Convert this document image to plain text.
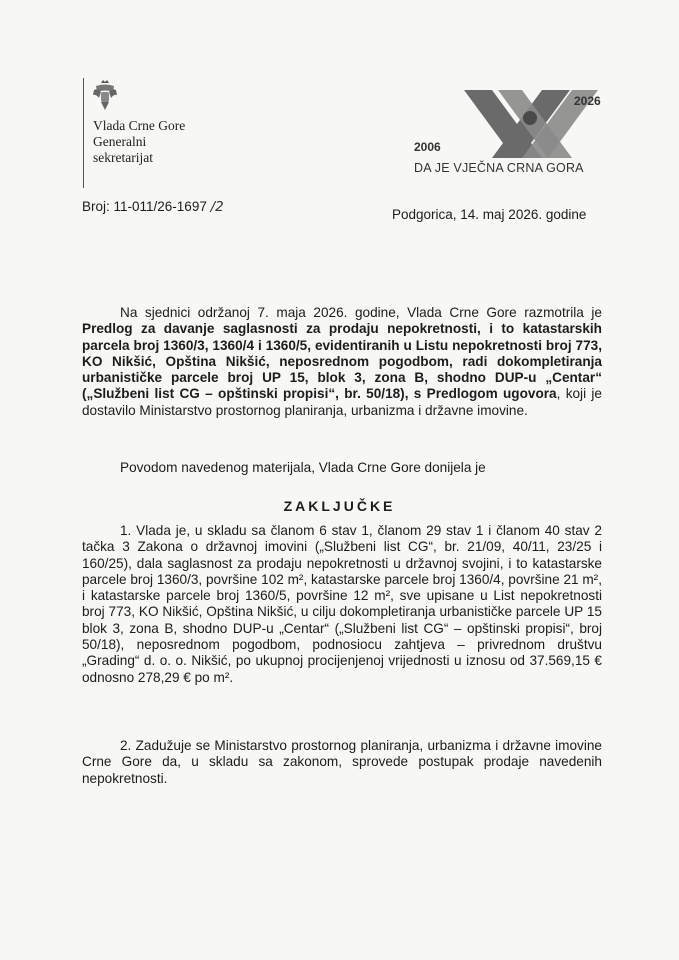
Vlada Crne Gore
Generalni
sekretarijat
2026
2006
DA JE VJEČNA CRNA GORA
Broj: 11-011/26-1697 /2	Podgorica, 14. maj 2026. godine
Na sjednici održanoj 7. maja 2026. godine, Vlada Crne Gore razmotrila je Predlog za davanje saglasnosti za prodaju nepokretnosti, i to katastarskih parcela broj 1360/3, 1360/4 i 1360/5, evidentiranih u Listu nepokretnosti broj 773, KO Nikšić, Opština Nikšić, neposrednom pogodbom, radi dokompletiranja urbanističke parcele broj UP 15, blok 3, zona B, shodno DUP-u „Centar“ („Službeni list CG – opštinski propisi“, br. 50/18), s Predlogom ugovora, koji je dostavilo Ministarstvo prostornog planiranja, urbanizma i državne imovine.
Povodom navedenog materijala, Vlada Crne Gore donijela je
ZAKLJUČKE
1. Vlada je, u skladu sa članom 6 stav 1, članom 29 stav 1 i članom 40 stav 2 tačka 3 Zakona o državnoj imovini („Službeni list CG“, br. 21/09, 40/11, 23/25 i 160/25), dala saglasnost za prodaju nepokretnosti u državnoj svojini, i to katastarske parcele broj 1360/3, površine 102 m², katastarske parcele broj 1360/4, površine 21 m², i katastarske parcele broj 1360/5, površine 12 m², sve upisane u List nepokretnosti broj 773, KO Nikšić, Opština Nikšić, u cilju dokompletiranja urbanističke parcele UP 15 blok 3, zona B, shodno DUP-u „Centar“ („Službeni list CG“ – opštinski propisi“, broj 50/18), neposrednom pogodbom, podnosiocu zahtjeva – privrednom društvu „Grading“ d. o. o. Nikšić, po ukupnoj procijenjenoj vrijednosti u iznosu od 37.569,15 € odnosno 278,29 € po m².
2. Zadužuje se Ministarstvo prostornog planiranja, urbanizma i državne imovine Crne Gore da, u skladu sa zakonom, sprovede postupak prodaje navedenih nepokretnosti.
